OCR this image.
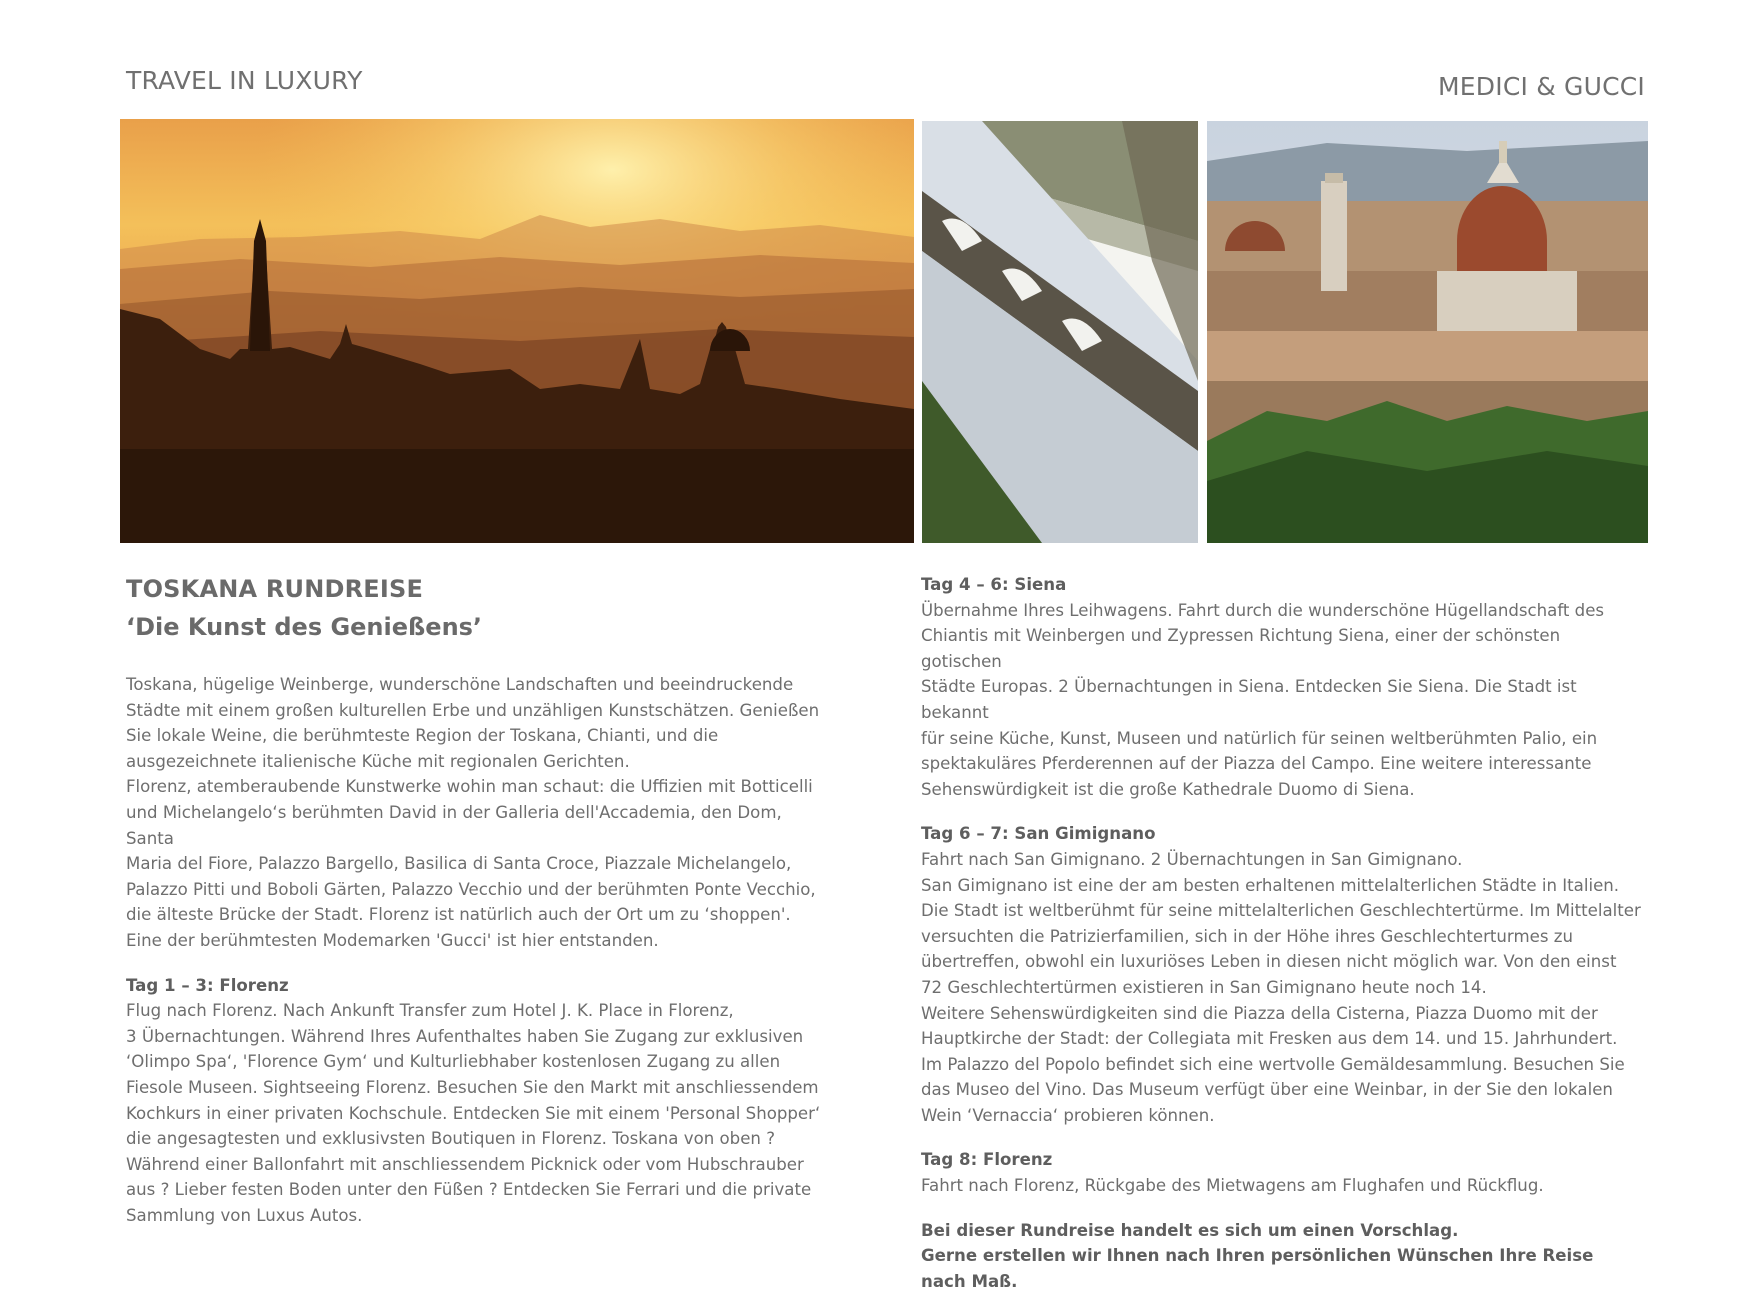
TRAVEL IN LUXURY	MEDICI & GUCCI
TOSKANA RUNDREISE
‘Die Kunst des Genießens’

Toskana, hügelige Weinberge, wunderschöne Landschaften und beeindruckende
Städte mit einem großen kulturellen Erbe und unzähligen Kunstschätzen. Genießen
Sie lokale Weine, die berühmteste Region der Toskana, Chianti, und die
ausgezeichnete italienische Küche mit regionalen Gerichten.
Florenz, atemberaubende Kunstwerke wohin man schaut: die Uffizien mit Botticelli
und Michelangelo‘s berühmten David in der Galleria dell'Accademia, den Dom, Santa
Maria del Fiore, Palazzo Bargello, Basilica di Santa Croce, Piazzale Michelangelo,
Palazzo Pitti und Boboli Gärten, Palazzo Vecchio und der berühmten Ponte Vecchio,
die älteste Brücke der Stadt. Florenz ist natürlich auch der Ort um zu ‘shoppen'.
Eine der berühmtesten Modemarken 'Gucci' ist hier entstanden.

Tag 1 – 3: Florenz

Flug nach Florenz. Nach Ankunft Transfer zum Hotel J. K. Place in Florenz,
3 Übernachtungen. Während Ihres Aufenthaltes haben Sie Zugang zur exklusiven
‘Olimpo Spa‘, 'Florence Gym‘ und Kulturliebhaber kostenlosen Zugang zu allen
Fiesole Museen. Sightseeing Florenz. Besuchen Sie den Markt mit anschliessendem
Kochkurs in einer privaten Kochschule. Entdecken Sie mit einem 'Personal Shopper‘
die angesagtesten und exklusivsten Boutiquen in Florenz. Toskana von oben ?
Während einer Ballonfahrt mit anschliessendem Picknick oder vom Hubschrauber
aus ? Lieber festen Boden unter den Füßen ? Entdecken Sie Ferrari und die private
Sammlung von Luxus Autos.

Tag 4 – 6: Siena

Übernahme Ihres Leihwagens. Fahrt durch die wunderschöne Hügellandschaft des
Chiantis mit Weinbergen und Zypressen Richtung Siena, einer der schönsten gotischen
Städte Europas. 2 Übernachtungen in Siena. Entdecken Sie Siena. Die Stadt ist bekannt
für seine Küche, Kunst, Museen und natürlich für seinen weltberühmten Palio, ein
spektakuläres Pferderennen auf der Piazza del Campo. Eine weitere interessante
Sehenswürdigkeit ist die große Kathedrale Duomo di Siena.

Tag 6 – 7: San Gimignano

Fahrt nach San Gimignano. 2 Übernachtungen in San Gimignano.
San Gimignano ist eine der am besten erhaltenen mittelalterlichen Städte in Italien.
Die Stadt ist weltberühmt für seine mittelalterlichen Geschlechtertürme. Im Mittelalter
versuchten die Patrizierfamilien, sich in der Höhe ihres Geschlechterturmes zu
übertreffen, obwohl ein luxuriöses Leben in diesen nicht möglich war. Von den einst
72 Geschlechtertürmen existieren in San Gimignano heute noch 14.
Weitere Sehenswürdigkeiten sind die Piazza della Cisterna, Piazza Duomo mit der
Hauptkirche der Stadt: der Collegiata mit Fresken aus dem 14. und 15. Jahrhundert.
Im Palazzo del Popolo befindet sich eine wertvolle Gemäldesammlung. Besuchen Sie
das Museo del Vino. Das Museum verfügt über eine Weinbar, in der Sie den lokalen
Wein ‘Vernaccia‘ probieren können.

Tag 8: Florenz

Fahrt nach Florenz, Rückgabe des Mietwagens am Flughafen und Rückflug.

Bei dieser Rundreise handelt es sich um einen Vorschlag.
Gerne erstellen wir Ihnen nach Ihren persönlichen Wünschen Ihre Reise nach Maß.
